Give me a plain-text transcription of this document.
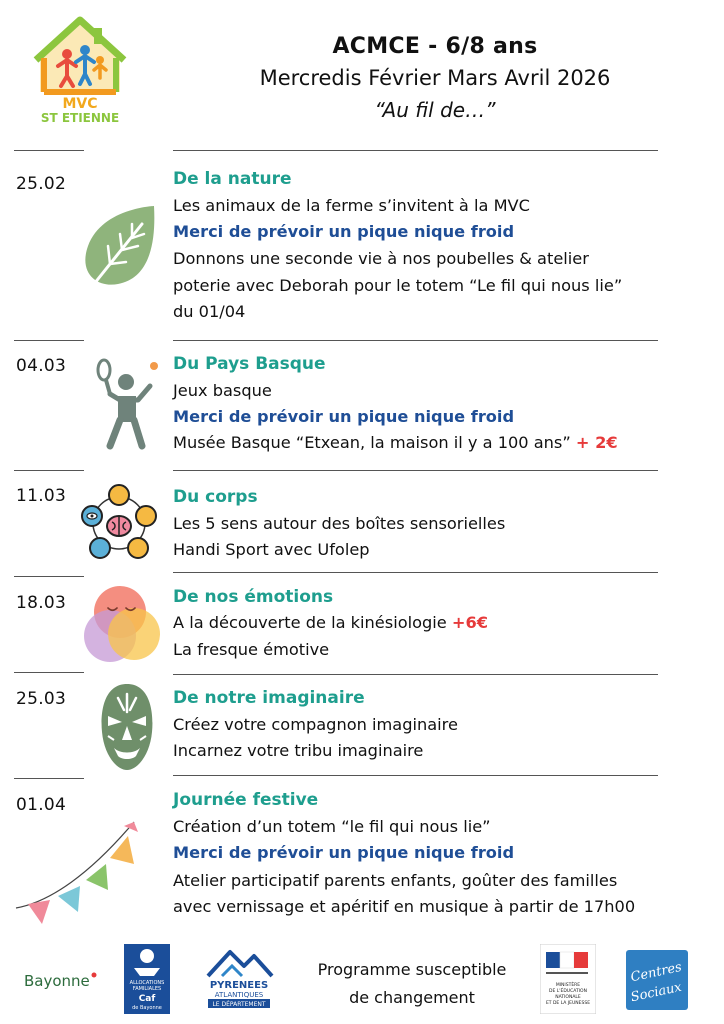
MVC
ST ETIENNE
ACMCE - 6/8 ans
Mercredis Février Mars Avril 2026
“Au fil de…”
25.02	De la nature
Les animaux de la ferme s’invitent à la MVC
Merci de prévoir un pique nique froid
Donnons une seconde vie à nos poubelles & atelier
poterie avec Deborah pour le totem “Le fil qui nous lie”
du 01/04
04.03	Du Pays Basque
Jeux basque
Merci de prévoir un pique nique froid
Musée Basque “Etxean, la maison il y a 100 ans” + 2€
11.03	Du corps
Les 5 sens autour des boîtes sensorielles
Handi Sport avec Ufolep
18.03	De nos émotions
A la découverte de la kinésiologie +6€
La fresque émotive
25.03	De notre imaginaire
Créez votre compagnon imaginaire
Incarnez votre tribu imaginaire
01.04	Journée festive
Création d’un totem “le fil qui nous lie”
Merci de prévoir un pique nique froid
Atelier participatif parents enfants, goûter des familles
avec vernissage et apéritif en musique à partir de 17h00
Bayonne	ALLOCATIONS
FAMILIALES
Caf
de Bayonne
PYRENEES
ATLANTIQUES
LE DÉPARTEMENT
Programme susceptible
de changement
MINISTÈRE
DE L'ÉDUCATION
NATIONALE
ET DE LA JEUNESSE
Centres
Sociaux
